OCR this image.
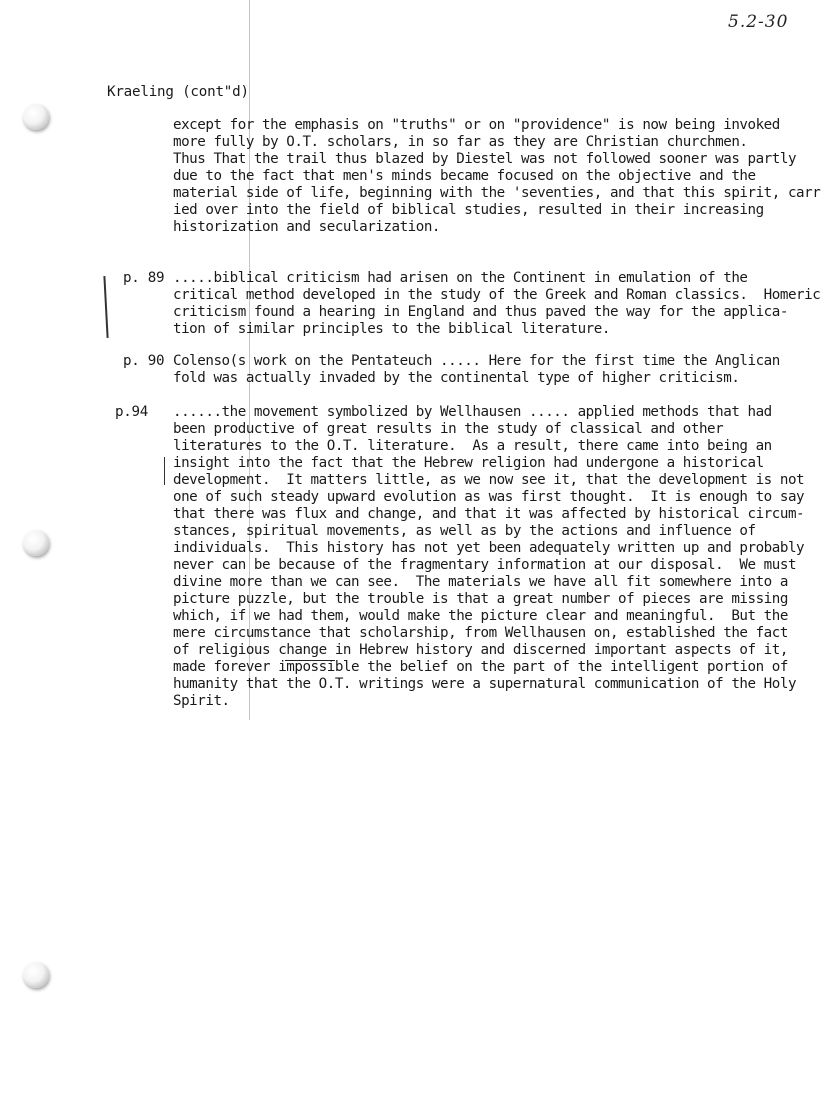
5.2-30
Kraeling (cont"d)
except for the emphasis on "truths" or on "providence" is now being invoked
more fully by O.T. scholars, in so far as they are Christian churchmen.
Thus That the trail thus blazed by Diestel was not followed sooner was partly
due to the fact that men's minds became focused on the objective and the
material side of life, beginning with the 'seventies, and that this spirit, carr
ied over into the field of biblical studies, resulted in their increasing
historization and secularization.
p. 89 .....biblical criticism had arisen on the Continent in emulation of the
critical method developed in the study of the Greek and Roman classics.  Homeric
criticism found a hearing in England and thus paved the way for the applica-
tion of similar principles to the biblical literature.
p. 90 Colenso(s work on the Pentateuch ..... Here for the first time the Anglican
fold was actually invaded by the continental type of higher criticism.
p.94 ......the movement symbolized by Wellhausen ..... applied methods that had
been productive of great results in the study of classical and other
literatures to the O.T. literature.  As a result, there came into being an
insight into the fact that the Hebrew religion had undergone a historical
development.  It matters little, as we now see it, that the development is not
one of such steady upward evolution as was first thought.  It is enough to say
that there was flux and change, and that it was affected by historical circum-
stances, spiritual movements, as well as by the actions and influence of
individuals.  This history has not yet been adequately written up and probably
never can be because of the fragmentary information at our disposal.  We must
divine more than we can see.  The materials we have all fit somewhere into a
picture puzzle, but the trouble is that a great number of pieces are missing
which, if we had them, would make the picture clear and meaningful.  But the
mere circumstance that scholarship, from Wellhausen on, established the fact
of religious change in Hebrew history and discerned important aspects of it,
made forever impossible the belief on the part of the intelligent portion of
humanity that the O.T. writings were a supernatural communication of the Holy
Spirit.
